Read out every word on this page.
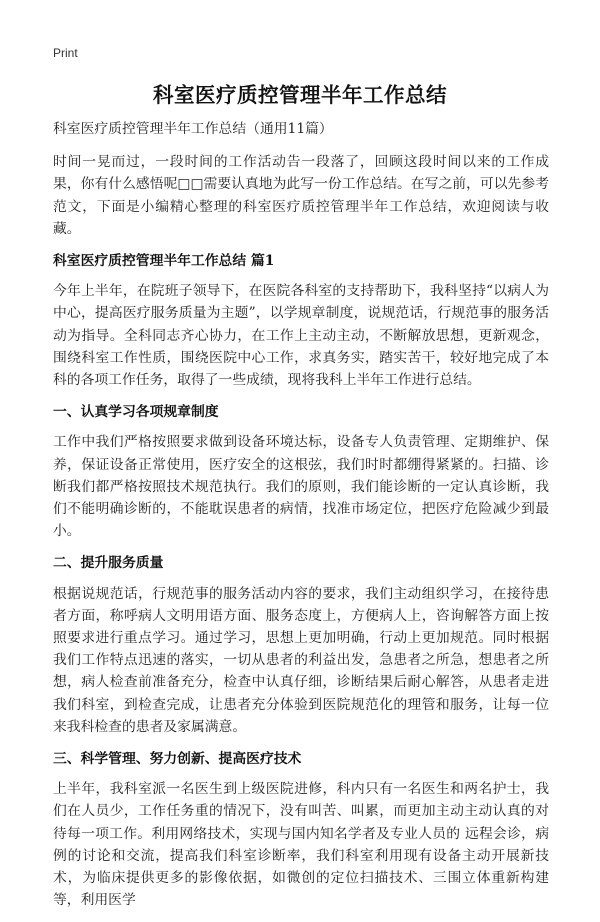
Print
科室医疗质控管理半年工作总结

科室医疗质控管理半年工作总结（通用11篇）

时间一晃而过，一段时间的工作活动告一段落了，回顾这段时间以来的工作成果，你有什么感悟呢□□需要认真地为此写一份工作总结。在写之前，可以先参考范文，下面是小编精心整理的科室医疗质控管理半年工作总结，欢迎阅读与收藏。

科室医疗质控管理半年工作总结 篇1

今年上半年，在院班子领导下，在医院各科室的支持帮助下，我科坚持“以病人为中心，提高医疗服务质量为主题”，以学规章制度，说规范话，行规范事的服务活动为指导。全科同志齐心协力，在工作上主动主动，不断解放思想，更新观念，围绕科室工作性质，围绕医院中心工作，求真务实，踏实苦干，较好地完成了本科的各项工作任务，取得了一些成绩，现将我科上半年工作进行总结。

一、认真学习各项规章制度

工作中我们严格按照要求做到设备环境达标，设备专人负责管理、定期维护、保养，保证设备正常使用，医疗安全的这根弦，我们时时都绷得紧紧的。扫描、诊断我们都严格按照技术规范执行。我们的原则，我们能诊断的一定认真诊断，我们不能明确诊断的，不能耽误患者的病情，找准市场定位，把医疗危险减少到最小。

二、提升服务质量

根据说规范话，行规范事的服务活动内容的要求，我们主动组织学习，在接待患者方面，称呼病人文明用语方面、服务态度上，方便病人上，咨询解答方面上按照要求进行重点学习。通过学习，思想上更加明确，行动上更加规范。同时根据我们工作特点迅速的落实，一切从患者的利益出发，急患者之所急，想患者之所想，病人检查前准备充分，检查中认真仔细，诊断结果后耐心解答，从患者走进我们科室，到检查完成，让患者充分体验到医院规范化的理管和服务，让每一位来我科检查的患者及家属满意。

三、科学管理、努力创新、提高医疗技术

上半年，我科室派一名医生到上级医院进修，科内只有一名医生和两名护士，我们在人员少，工作任务重的情况下，没有叫苦、叫累，而更加主动主动认真的对待每一项工作。利用网络技术，实现与国内知名学者及专业人员的 远程会诊，病例的讨论和交流，提高我们科室诊断率，我们科室利用现有设备主动开展新技术，为临床提供更多的影像依据，如微创的定位扫描技术、三围立体重新构建等，利用医学
